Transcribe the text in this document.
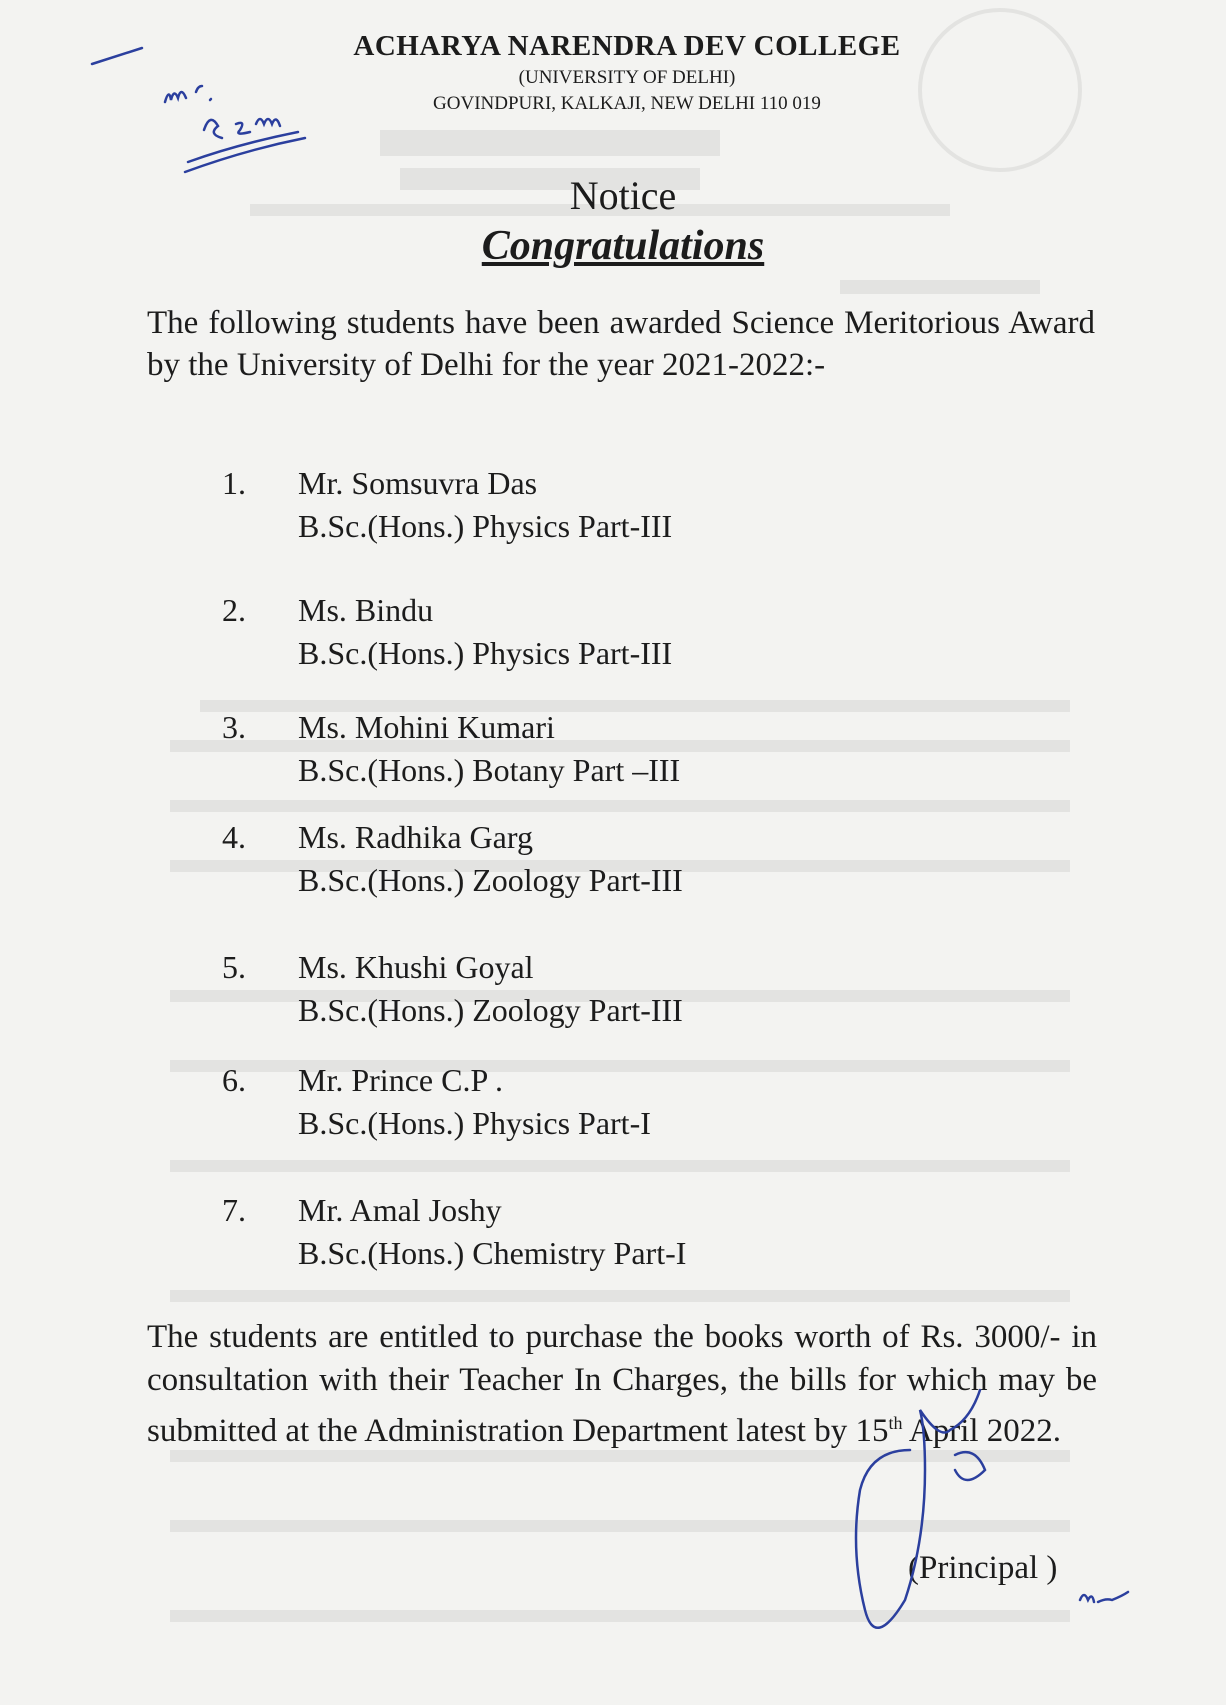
ACHARYA NARENDRA DEV COLLEGE
(UNIVERSITY OF DELHI)
GOVINDPURI, KALKAJI, NEW DELHI 110 019
Notice
Congratulations
The following students have been awarded Science Meritorious Award by the University of Delhi for the year 2021-2022:-
1.	Mr. Somsuvra Das
B.Sc.(Hons.) Physics Part-III
2.	Ms. Bindu
B.Sc.(Hons.) Physics Part-III
3.	Ms. Mohini Kumari
B.Sc.(Hons.) Botany Part –III
4.	Ms. Radhika Garg
B.Sc.(Hons.) Zoology Part-III
5.	Ms. Khushi Goyal
B.Sc.(Hons.) Zoology Part-III
6.	Mr. Prince C.P .
B.Sc.(Hons.) Physics Part-I
7.	Mr. Amal Joshy
B.Sc.(Hons.) Chemistry Part-I
The students are entitled to purchase the books worth of Rs. 3000/- in consultation with their Teacher In Charges, the bills for which may be submitted at the Administration Department latest by 15th April 2022.
(Principal )
